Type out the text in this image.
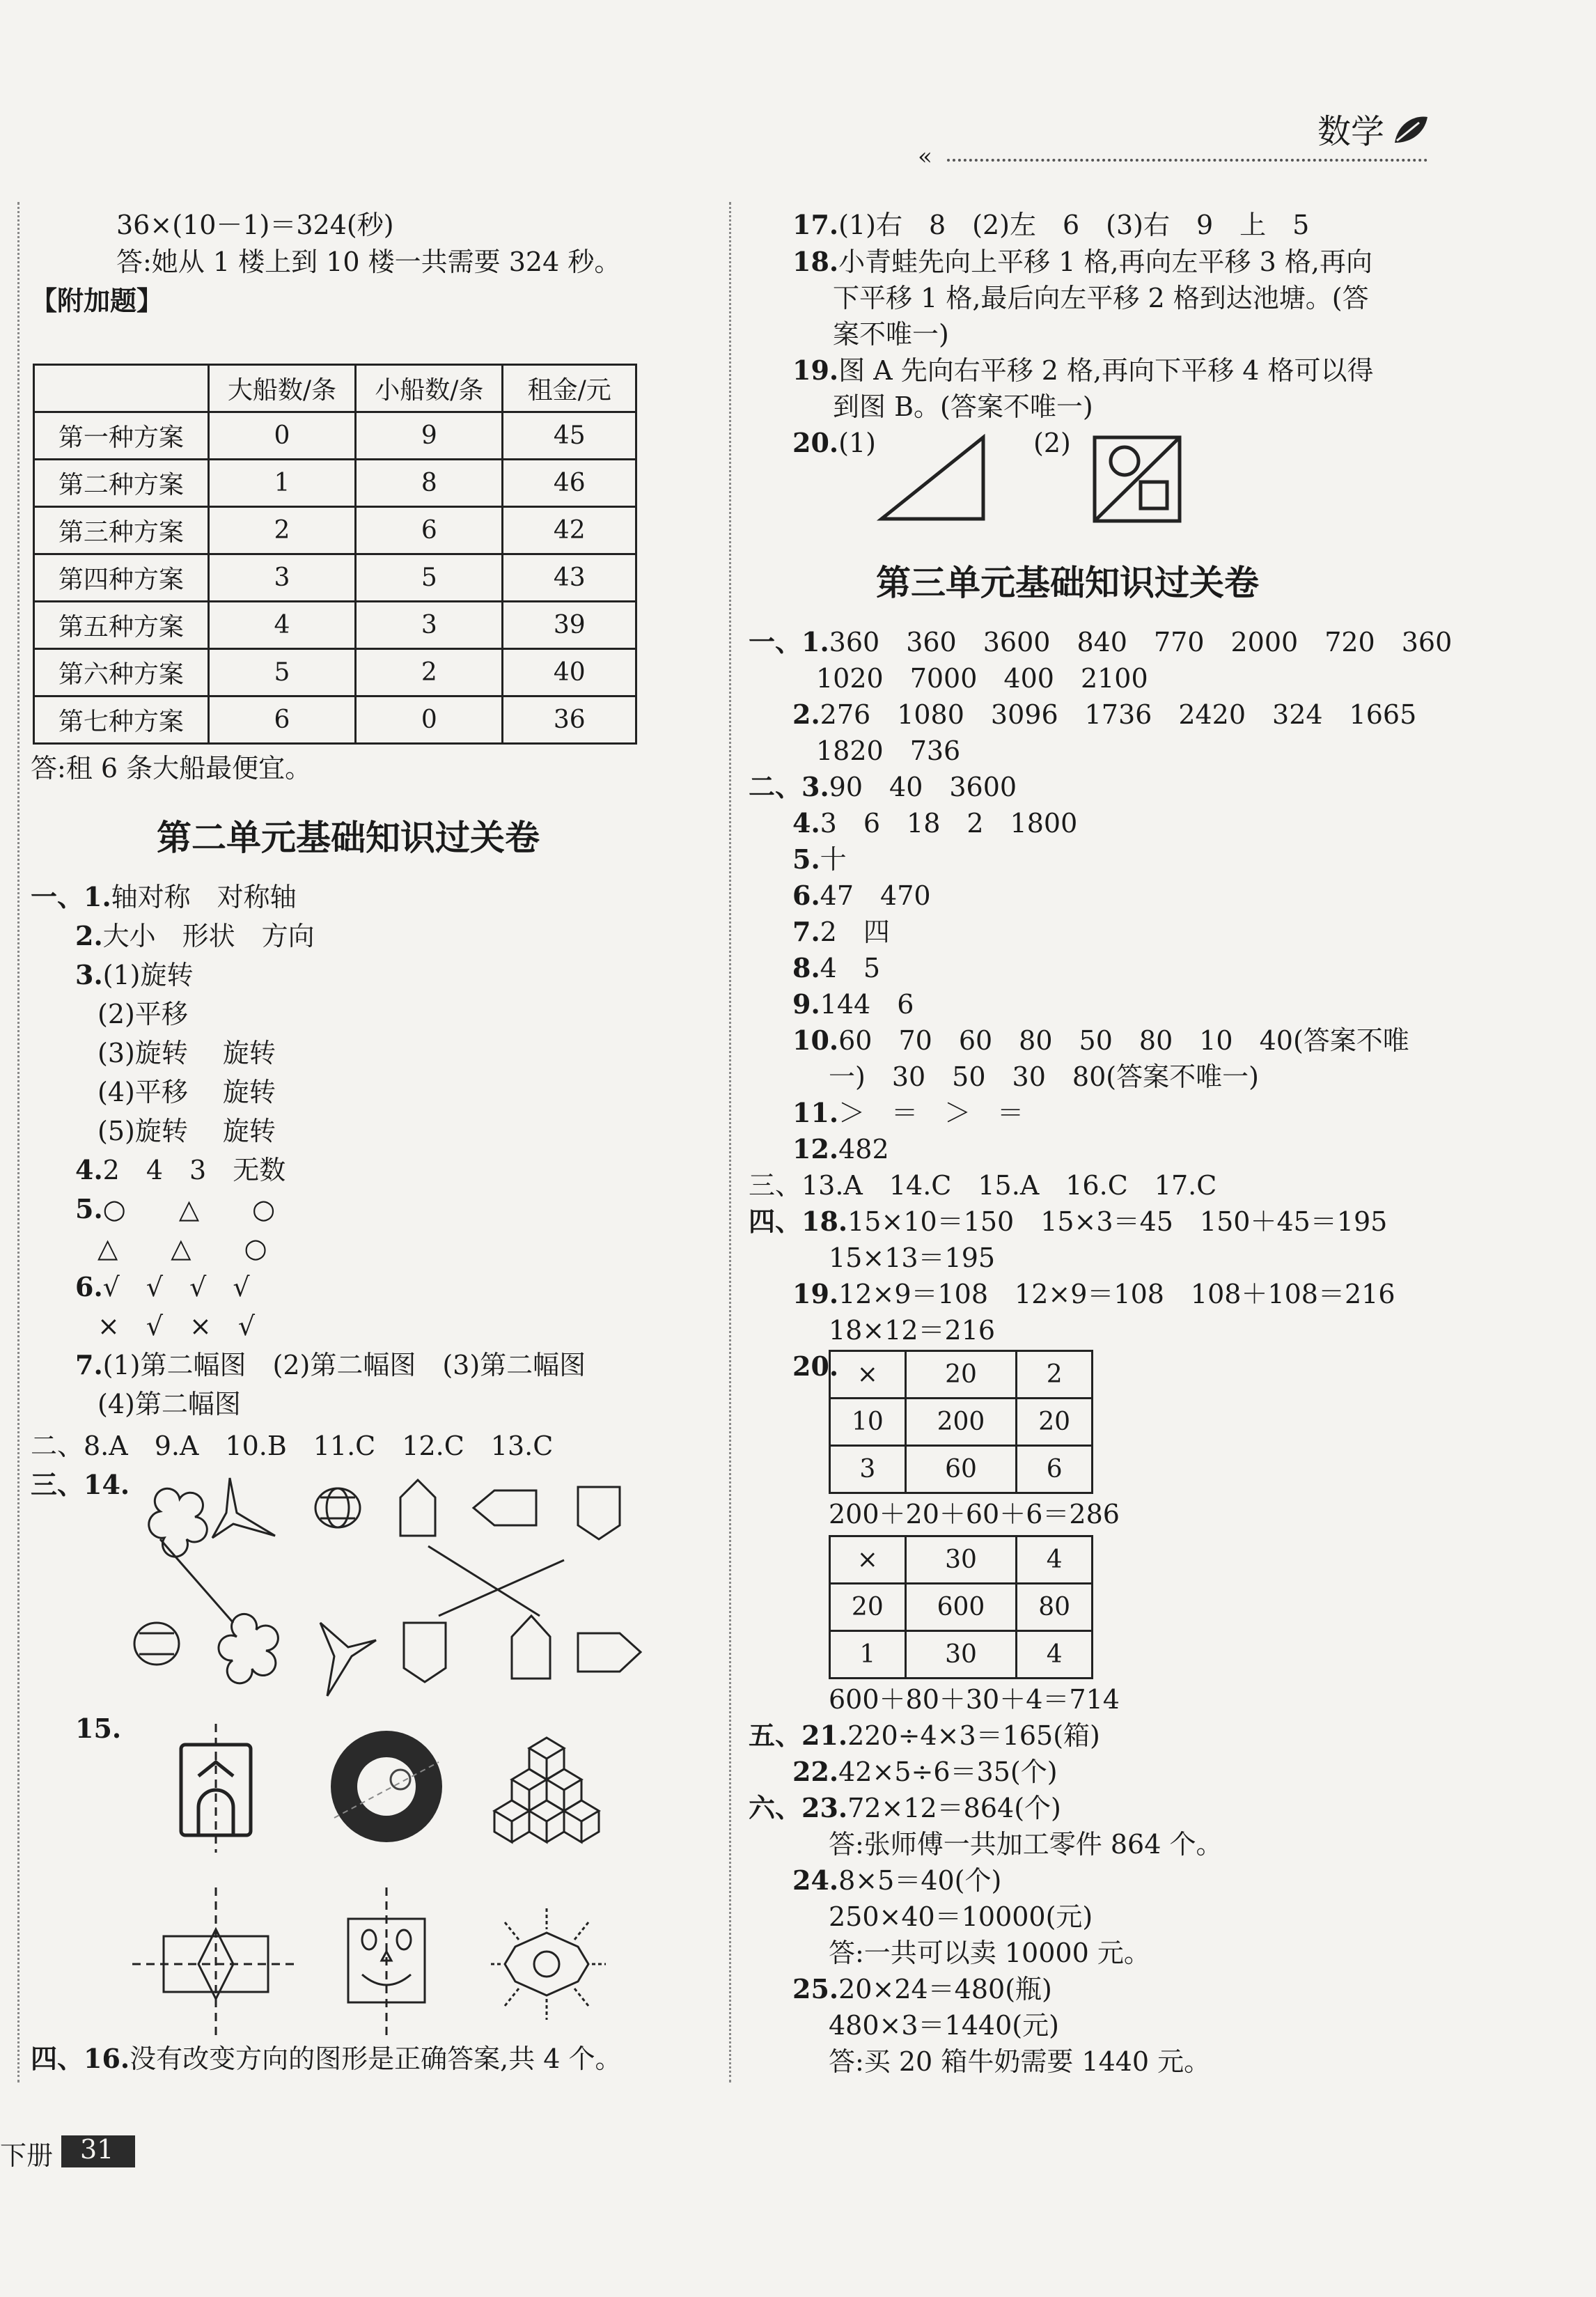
数学
«
36×(10－1)＝324(秒)
答:她从 1 楼上到 10 楼一共需要 324 秒。
【附加题】
	大船数/条	小船数/条	租金/元
第一种方案	0	9	45
第二种方案	1	8	46
第三种方案	2	6	42
第四种方案	3	5	43
第五种方案	4	3	39
第六种方案	5	2	40
第七种方案	6	0	36
答:租 6 条大船最便宜。
第二单元基础知识过关卷
一、1.轴对称　对称轴
2.大小　形状　方向
3.(1)旋转
(2)平移
(3)旋转　 旋转
(4)平移　 旋转
(5)旋转　 旋转
4.2　4　3　无数
5.○　　△　　○
△　　△　　○
6.√　√　√　√
×　√　×　√
7.(1)第二幅图　(2)第二幅图　(3)第二幅图
(4)第二幅图
二、8.A　9.A　10.B　11.C　12.C　13.C
三、14.
15.
四、16.没有改变方向的图形是正确答案,共 4 个。
下册 31
17.(1)右　8　(2)左　6　(3)右　9　上　5
18.小青蛙先向上平移 1 格,再向左平移 3 格,再向
下平移 1 格,最后向左平移 2 格到达池塘。(答
案不唯一)
19.图 A 先向右平移 2 格,再向下平移 4 格可以得
到图 B。(答案不唯一)
20.(1)	(2)
第三单元基础知识过关卷
一、1.360　360　3600　840　770　2000　720　360
1020　7000　400　2100
2.276　1080　3096　1736　2420　324　1665
1820　736
二、3.90　40　3600
4.3　6　18　2　1800
5.十
6.47　470
7.2　四
8.4　5
9.144　6
10.60　70　60　80　50　80　10　40(答案不唯
一)　30　50　30　80(答案不唯一)
11.＞　＝　＞　＝
12.482
三、13.A　14.C　15.A　16.C　17.C
四、18.15×10＝150　15×3＝45　150＋45＝195
15×13＝195
19.12×9＝108　12×9＝108　108＋108＝216
18×12＝216
20. ×	20	2
10	200	20
3	60	6
200＋20＋60＋6＝286
×	30	4
20	600	80
1	30	4
600＋80＋30＋4＝714
五、21.220÷4×3＝165(箱)
22.42×5÷6＝35(个)
六、23.72×12＝864(个)
答:张师傅一共加工零件 864 个。
24.8×5＝40(个)
250×40＝10000(元)
答:一共可以卖 10000 元。
25.20×24＝480(瓶)
480×3＝1440(元)
答:买 20 箱牛奶需要 1440 元。
